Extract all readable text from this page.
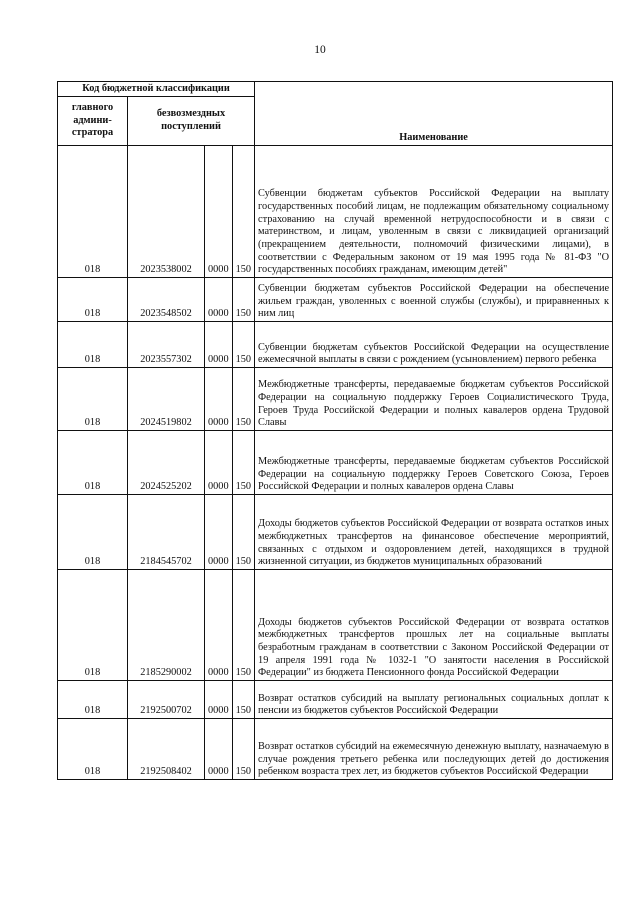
10
Код бюджетной классификации				Наименование
главного админи-стратора	безвозмездных поступлений			
018	2023538002	0000	150	Субвенции бюджетам субъектов Российской Федерации на выплату государственных пособий лицам, не подлежащим обязательному социальному страхованию на случай временной нетрудоспособности и в связи с материнством, и лицам, уволенным в связи с ликвидацией организаций (прекращением деятельности, полномочий физическими лицами), в соответствии с Федеральным законом от 19 мая 1995 года № 81-ФЗ "О государственных пособиях гражданам, имеющим детей"
018	2023548502	0000	150	Субвенции бюджетам субъектов Российской Федерации на обеспечение жильем граждан, уволенных с военной службы (службы), и приравненных к ним лиц
018	2023557302	0000	150	Субвенции бюджетам субъектов Российской Федерации на осуществление ежемесячной выплаты в связи с рождением (усыновлением) первого ребенка
018	2024519802	0000	150	Межбюджетные трансферты, передаваемые бюджетам субъектов Российской Федерации на социальную поддержку Героев Социалистического Труда, Героев Труда Российской Федерации и полных кавалеров ордена Трудовой Славы
018	2024525202	0000	150	Межбюджетные трансферты, передаваемые бюджетам субъектов Российской Федерации на социальную поддержку Героев Советского Союза, Героев Российской Федерации и полных кавалеров ордена Славы
018	2184545702	0000	150	Доходы бюджетов субъектов Российской Федерации от возврата остатков иных межбюджетных трансфертов на финансовое обеспечение мероприятий, связанных с отдыхом и оздоровлением детей, находящихся в трудной жизненной ситуации, из бюджетов муниципальных образований
018	2185290002	0000	150	Доходы бюджетов субъектов Российской Федерации от возврата остатков межбюджетных трансфертов прошлых лет на социальные выплаты безработным гражданам в соответствии с Законом Российской Федерации от 19 апреля 1991 года № 1032-1 "О занятости населения в Российской Федерации" из бюджета Пенсионного фонда Российской Федерации
018	2192500702	0000	150	Возврат остатков субсидий на выплату региональных социальных доплат к пенсии из бюджетов субъектов Российской Федерации
018	2192508402	0000	150	Возврат остатков субсидий на ежемесячную денежную выплату, назначаемую в случае рождения третьего ребенка или последующих детей до достижения ребенком возраста трех лет, из бюджетов субъектов Российской Федерации
